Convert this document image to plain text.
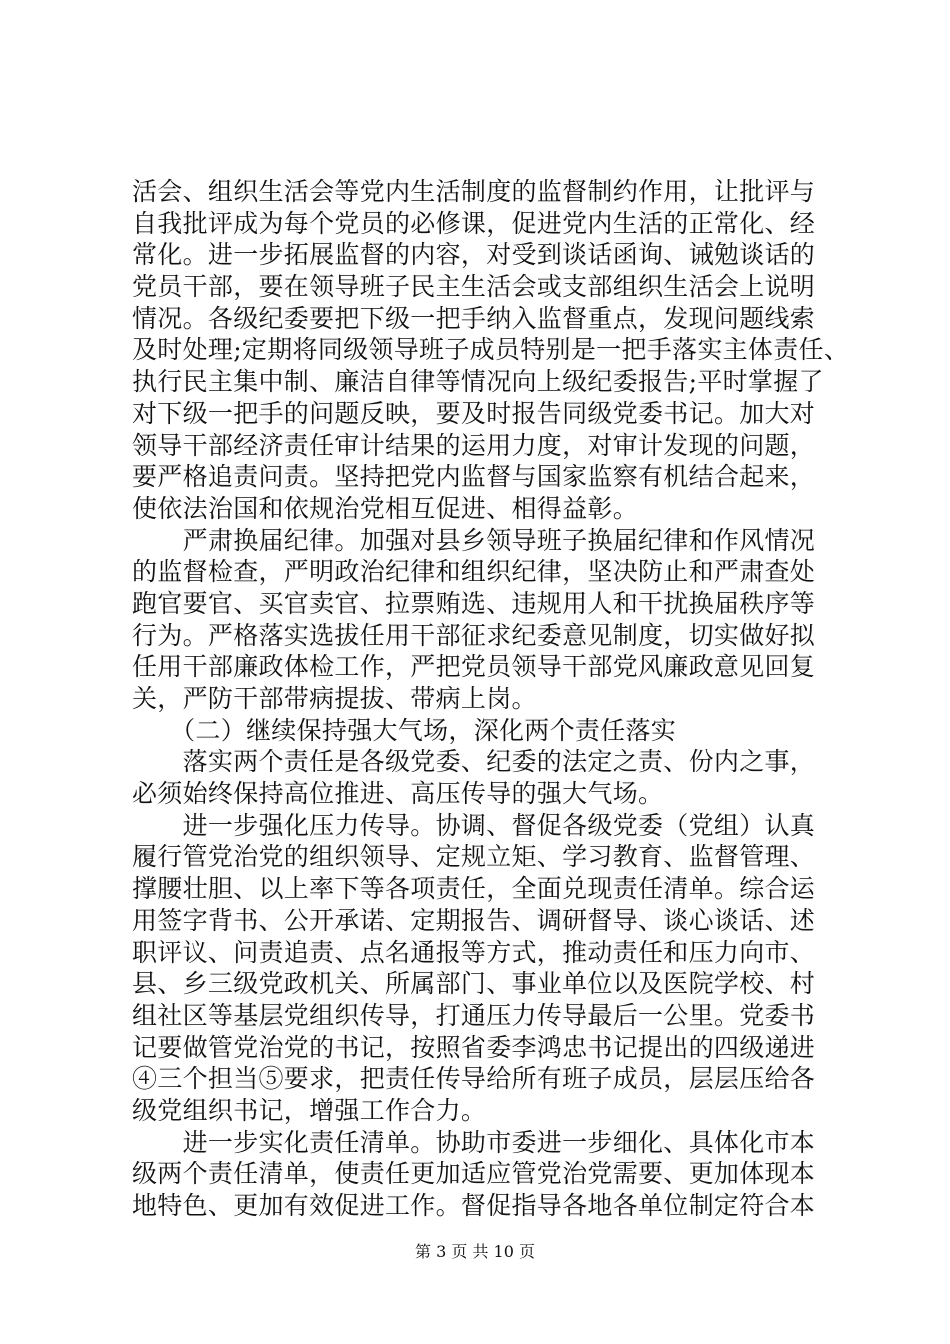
活会、组织生活会等党内生活制度的监督制约作用，让批评与
自我批评成为每个党员的必修课，促进党内生活的正常化、经
常化。进一步拓展监督的内容，对受到谈话函询、诫勉谈话的
党员干部，要在领导班子民主生活会或支部组织生活会上说明
情况。各级纪委要把下级一把手纳入监督重点，发现问题线索
及时处理;定期将同级领导班子成员特别是一把手落实主体责任、
执行民主集中制、廉洁自律等情况向上级纪委报告;平时掌握了
对下级一把手的问题反映，要及时报告同级党委书记。加大对
领导干部经济责任审计结果的运用力度，对审计发现的问题，
要严格追责问责。坚持把党内监督与国家监察有机结合起来，
使依法治国和依规治党相互促进、相得益彰。
　　严肃换届纪律。加强对县乡领导班子换届纪律和作风情况
的监督检查，严明政治纪律和组织纪律，坚决防止和严肃查处
跑官要官、买官卖官、拉票贿选、违规用人和干扰换届秩序等
行为。严格落实选拔任用干部征求纪委意见制度，切实做好拟
任用干部廉政体检工作，严把党员领导干部党风廉政意见回复
关，严防干部带病提拔、带病上岗。
　　（二）继续保持强大气场，深化两个责任落实
　　落实两个责任是各级党委、纪委的法定之责、份内之事，
必须始终保持高位推进、高压传导的强大气场。
　　进一步强化压力传导。协调、督促各级党委（党组）认真
履行管党治党的组织领导、定规立矩、学习教育、监督管理、
撑腰壮胆、以上率下等各项责任，全面兑现责任清单。综合运
用签字背书、公开承诺、定期报告、调研督导、谈心谈话、述
职评议、问责追责、点名通报等方式，推动责任和压力向市、
县、乡三级党政机关、所属部门、事业单位以及医院学校、村
组社区等基层党组织传导，打通压力传导最后一公里。党委书
记要做管党治党的书记，按照省委李鸿忠书记提出的四级递进
④三个担当⑤要求，把责任传导给所有班子成员，层层压给各
级党组织书记，增强工作合力。
　　进一步实化责任清单。协助市委进一步细化、具体化市本
级两个责任清单，使责任更加适应管党治党需要、更加体现本
地特色、更加有效促进工作。督促指导各地各单位制定符合本
第 3 页 共 10 页
